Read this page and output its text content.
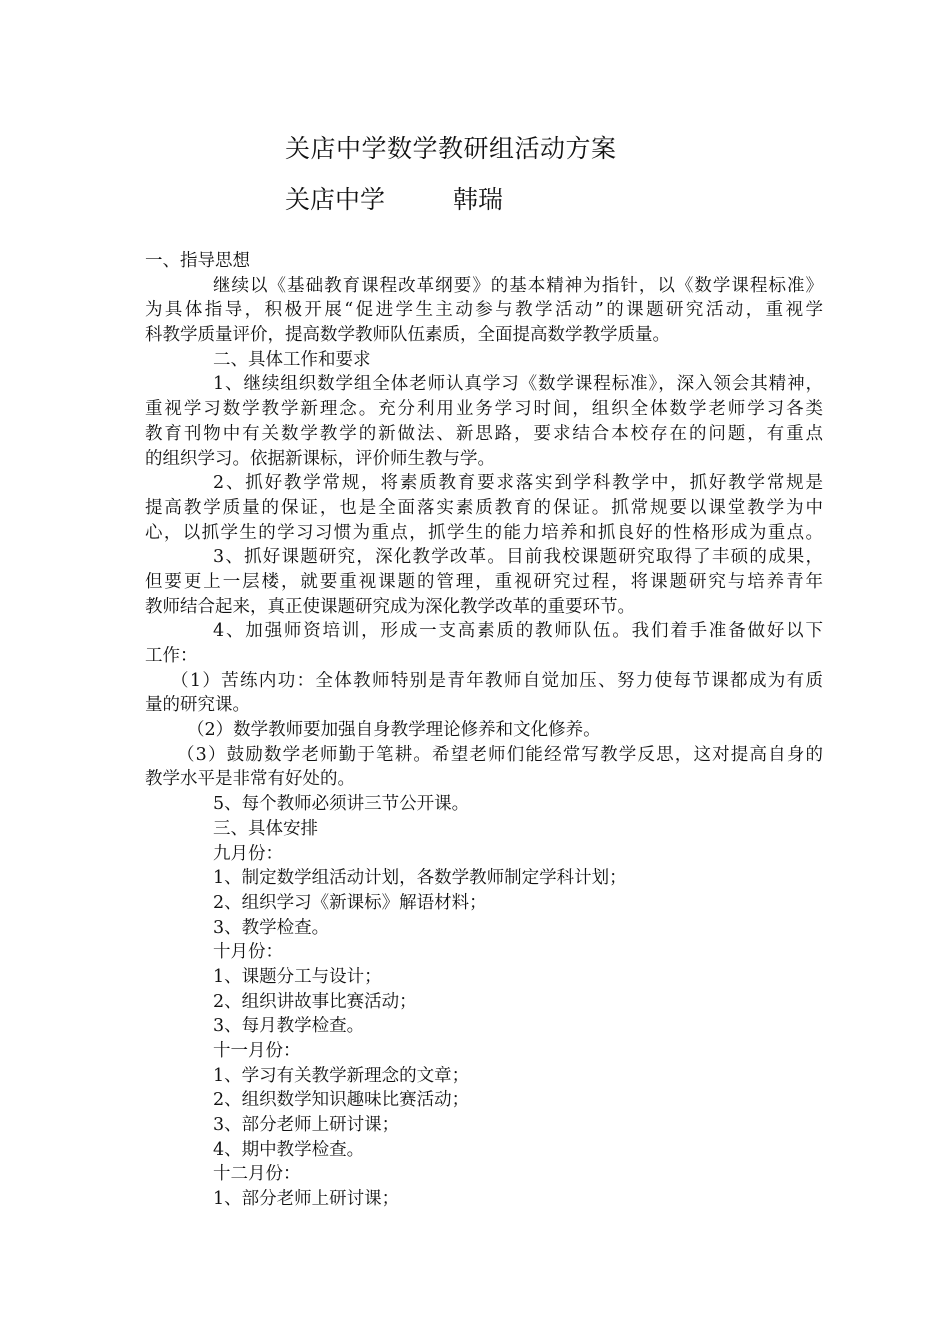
关店中学数学教研组活动方案
关店中学	韩瑞
一、指导思想
继续以《基础教育课程改革纲要》的基本精神为指针，以《数学课程标准》
为具体指导，积极开展“促进学生主动参与教学活动”的课题研究活动，重视学
科教学质量评价，提高数学教师队伍素质，全面提高数学教学质量。
二、具体工作和要求
1、继续组织数学组全体老师认真学习《数学课程标准》，深入领会其精神，
重视学习数学教学新理念。充分利用业务学习时间，组织全体数学老师学习各类
教育刊物中有关数学教学的新做法、新思路，要求结合本校存在的问题，有重点
的组织学习。依据新课标，评价师生教与学。
2、抓好教学常规，将素质教育要求落实到学科教学中，抓好教学常规是
提高教学质量的保证，也是全面落实素质教育的保证。抓常规要以课堂教学为中
心，以抓学生的学习习惯为重点，抓学生的能力培养和抓良好的性格形成为重点。
3、抓好课题研究，深化教学改革。目前我校课题研究取得了丰硕的成果，
但要更上一层楼，就要重视课题的管理，重视研究过程，将课题研究与培养青年
教师结合起来，真正使课题研究成为深化教学改革的重要环节。
4、加强师资培训，形成一支高素质的教师队伍。我们着手准备做好以下
工作：
（1）苦练内功：全体教师特别是青年教师自觉加压、努力使每节课都成为有质
量的研究课。
（2）数学教师要加强自身教学理论修养和文化修养。
（3）鼓励数学老师勤于笔耕。希望老师们能经常写教学反思，这对提高自身的
教学水平是非常有好处的。
5、每个教师必须讲三节公开课。
三、具体安排
九月份：
1、制定数学组活动计划，各数学教师制定学科计划；
2、组织学习《新课标》解语材料；
3、教学检查。
十月份：
1、课题分工与设计；
2、组织讲故事比赛活动；
3、每月教学检查。
十一月份：
1、学习有关教学新理念的文章；
2、组织数学知识趣味比赛活动；
3、部分老师上研讨课；
4、期中教学检查。
十二月份：
1、部分老师上研讨课；
